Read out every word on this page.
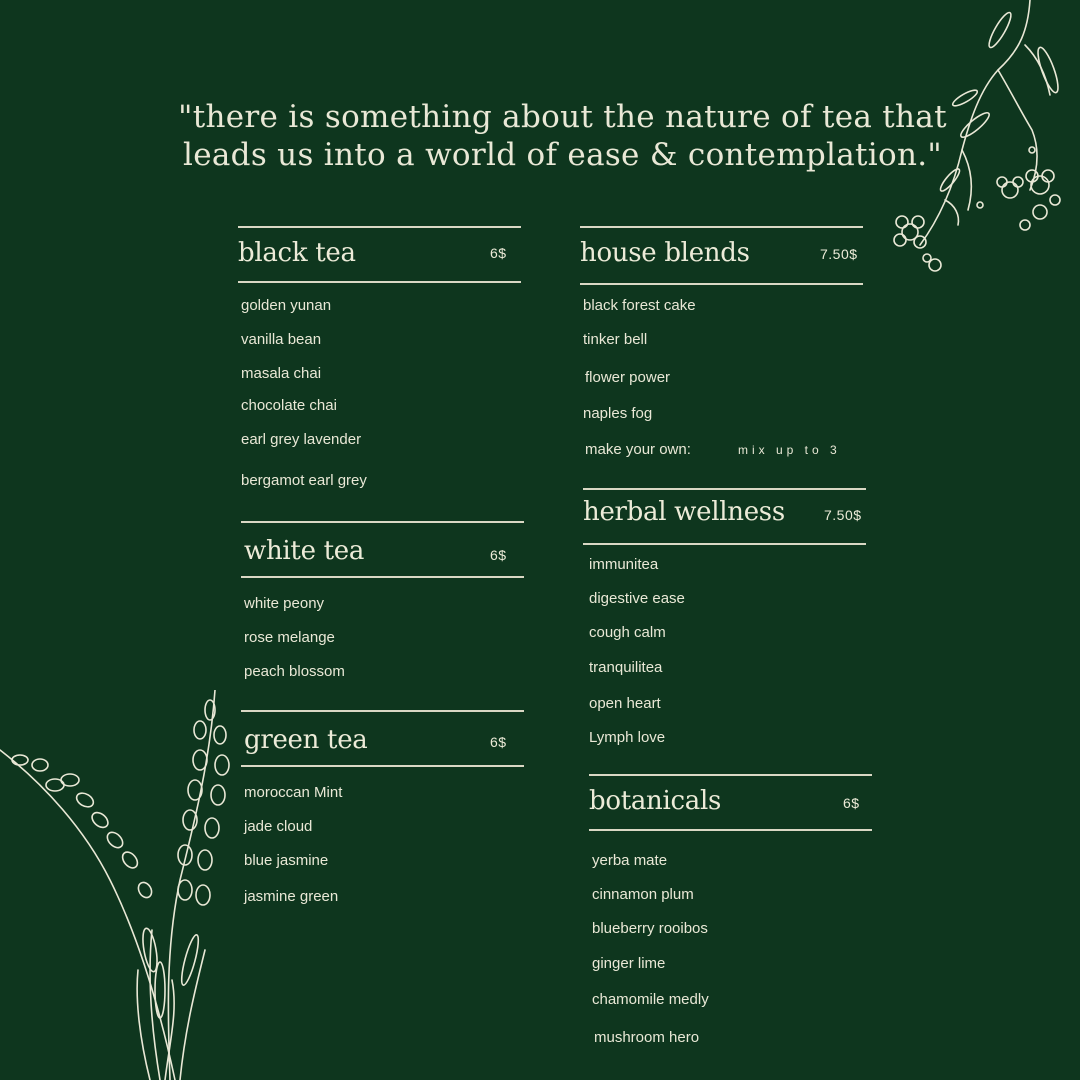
"there is something about the nature of tea that
leads us into a world of ease & contemplation."
black tea	6$
golden yunan
vanilla bean
masala chai
chocolate chai
earl grey lavender
bergamot earl grey
white tea	6$
white peony
rose melange
peach blossom
green tea	6$
moroccan Mint
jade cloud
blue jasmine
jasmine green
house blends	7.50$
black forest cake
tinker bell
flower power
naples fog
make your own:	mix up to 3
herbal wellness	7.50$
immunitea
digestive ease
cough calm
tranquilitea
open heart
Lymph love
botanicals	6$
yerba mate
cinnamon plum
blueberry rooibos
ginger lime
chamomile medly
mushroom hero
